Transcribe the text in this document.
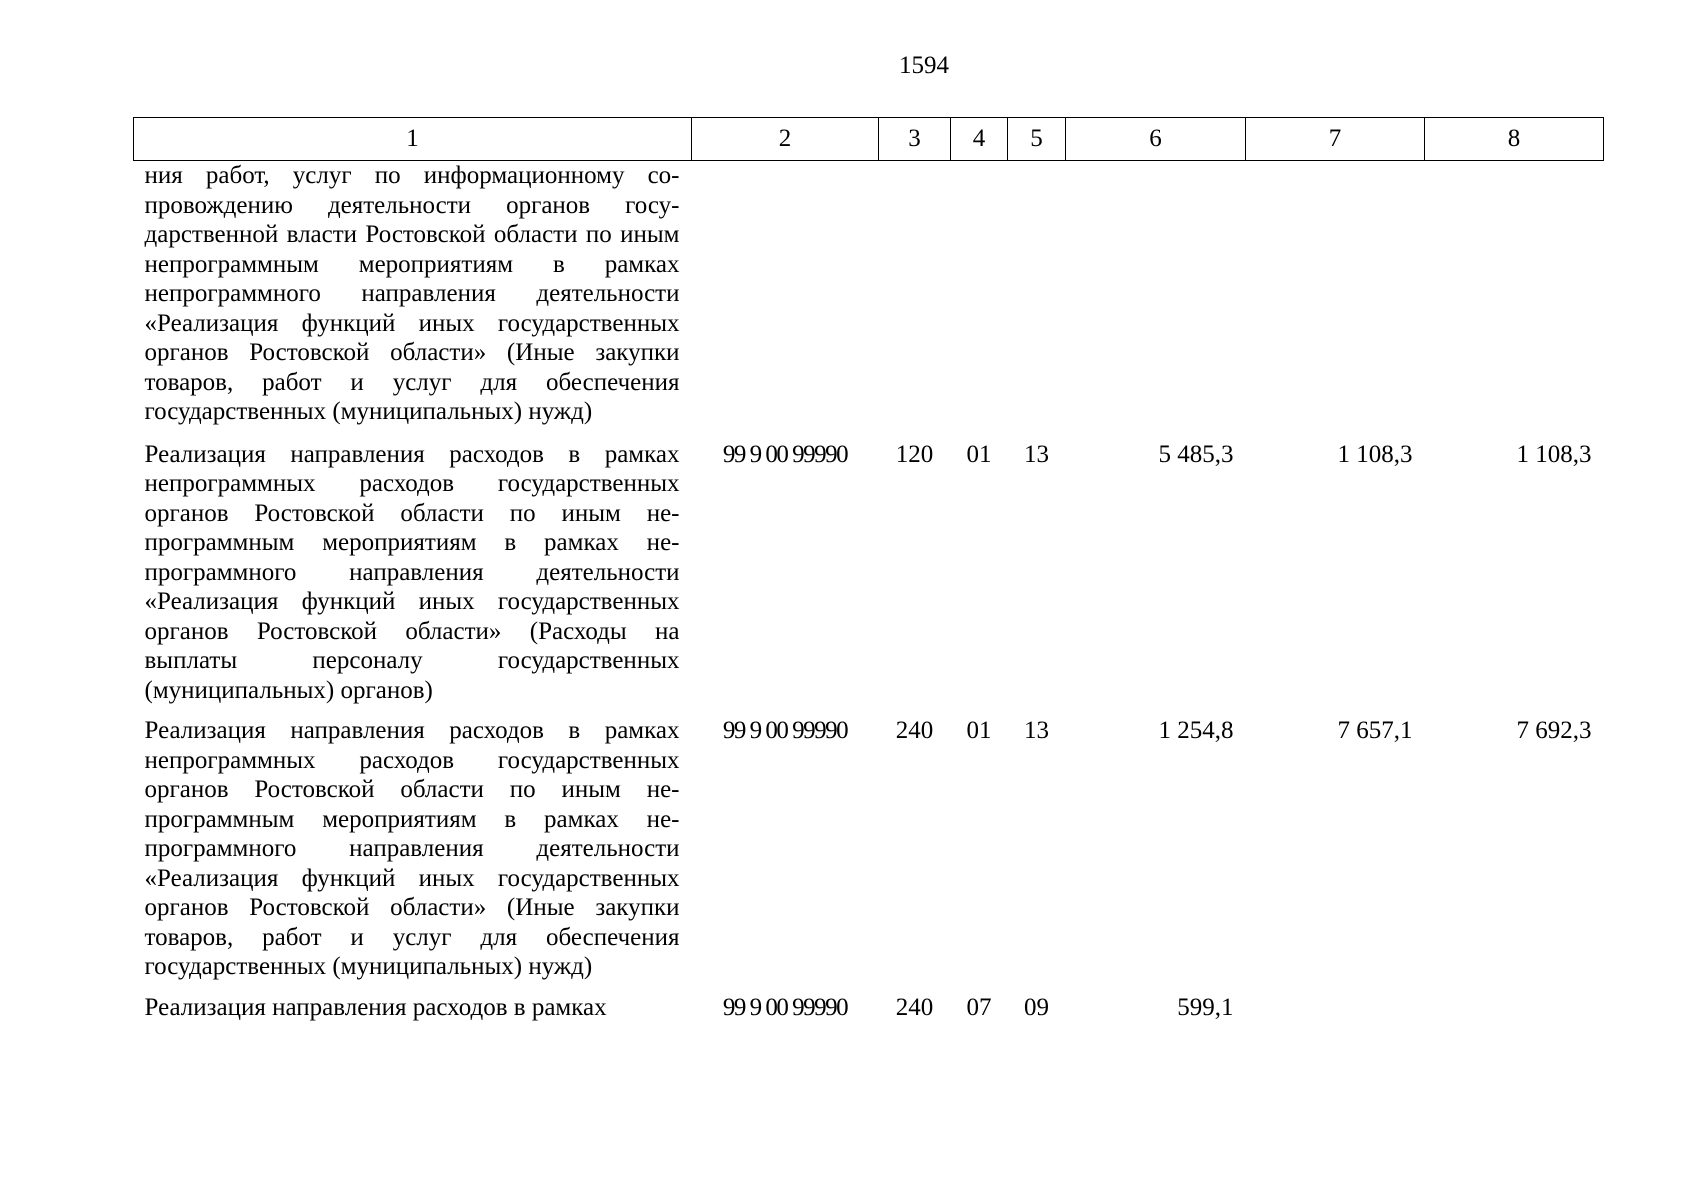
1594
1	2	3	4	5	6	7	8
ния работ, услуг по информационному сопровождению деятельности органов государственной власти Ростовской области по иным непрограммным мероприятиям в рамках непрограммного направления деятельности «Реализация функций иных государственных органов Ростовской области» (Иные закупки товаров, работ и услуг для обеспечения государственных (муниципальных) нужд)							
Реализация направления расходов в рамках непрограммных расходов государственных органов Ростовской области по иным непрограммным мероприятиям в рамках непрограммного направления деятельности «Реализация функций иных государственных органов Ростовской области» (Расходы на выплаты персоналу государственных (муниципальных) органов)	99 9 00 99990	120	01	13	5 485,3	1 108,3	1 108,3
Реализация направления расходов в рамках непрограммных расходов государственных органов Ростовской области по иным непрограммным мероприятиям в рамках непрограммного направления деятельности «Реализация функций иных государственных органов Ростовской области» (Иные закупки товаров, работ и услуг для обеспечения государственных (муниципальных) нужд)	99 9 00 99990	240	01	13	1 254,8	7 657,1	7 692,3
Реализация направления расходов в рамках	99 9 00 99990	240	07	09	599,1		
